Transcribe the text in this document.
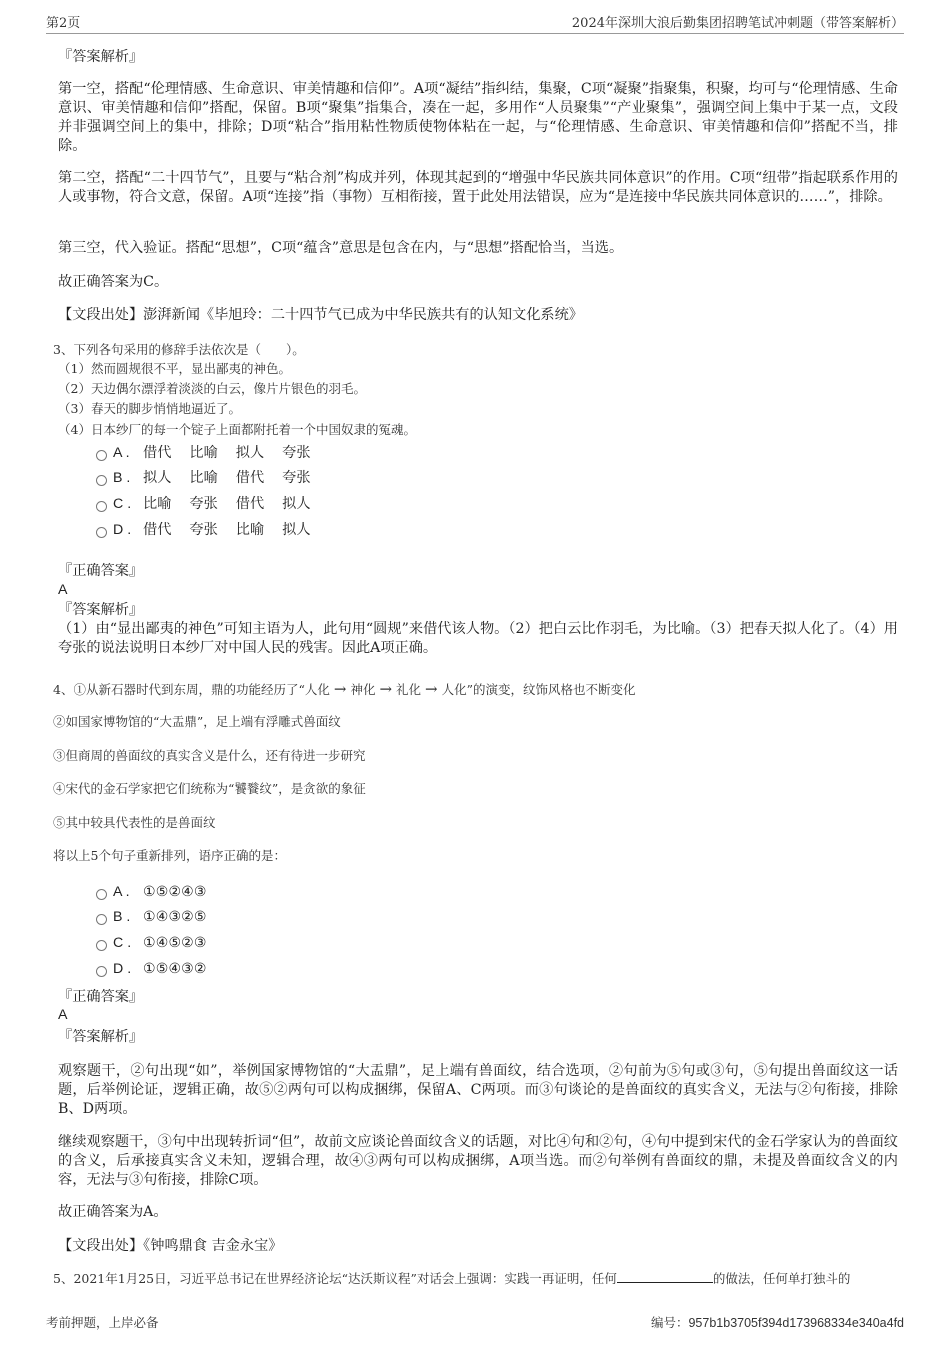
第2页	2024年深圳大浪后勤集团招聘笔试冲刺题（带答案解析）
『答案解析』
第一空，搭配“伦理情感、生命意识、审美情趣和信仰”。A项“凝结”指纠结，集聚，C项“凝聚”指聚集，积聚，均可与“伦理情感、生命意识、审美情趣和信仰”搭配，保留。B项“聚集”指集合，凑在一起，多用作“人员聚集”“产业聚集”，强调空间上集中于某一点，文段并非强调空间上的集中，排除；D项“粘合”指用粘性物质使物体粘在一起，与“伦理情感、生命意识、审美情趣和信仰”搭配不当，排除。
第二空，搭配“二十四节气”，且要与“粘合剂”构成并列，体现其起到的“增强中华民族共同体意识”的作用。C项“纽带”指起联系作用的人或事物，符合文意，保留。A项“连接”指（事物）互相衔接，置于此处用法错误，应为“是连接中华民族共同体意识的……”，排除。
第三空，代入验证。搭配“思想”，C项“蕴含”意思是包含在内，与“思想”搭配恰当，当选。
故正确答案为C。
【文段出处】澎湃新闻《毕旭玲：二十四节气已成为中华民族共有的认知文化系统》
3、下列各句采用的修辞手法依次是（　　）。
（1）然而圆规很不平，显出鄙夷的神色。
（2）天边偶尔漂浮着淡淡的白云，像片片银色的羽毛。
（3）春天的脚步悄悄地逼近了。
（4）日本纱厂的每一个锭子上面都附托着一个中国奴隶的冤魂。
A . 借代 比喻 拟人 夸张
B . 拟人 比喻 借代 夸张
C . 比喻 夸张 借代 拟人
D . 借代 夸张 比喻 拟人
『正确答案』
A
『答案解析』
（1）由“显出鄙夷的神色”可知主语为人，此句用“圆规”来借代该人物。（2）把白云比作羽毛，为比喻。（3）把春天拟人化了。（4）用夸张的说法说明日本纱厂对中国人民的残害。因此A项正确。
4、①从新石器时代到东周，鼎的功能经历了“人化 → 神化 → 礼化 → 人化”的演变，纹饰风格也不断变化
②如国家博物馆的“大盂鼎”，足上端有浮雕式兽面纹
③但商周的兽面纹的真实含义是什么，还有待进一步研究
④宋代的金石学家把它们统称为“饕餮纹”，是贪欲的象征
⑤其中较具代表性的是兽面纹
将以上5个句子重新排列，语序正确的是：
A . ①⑤②④③
B . ①④③②⑤
C . ①④⑤②③
D . ①⑤④③②
『正确答案』
A
『答案解析』
观察题干，②句出现“如”，举例国家博物馆的“大盂鼎”，足上端有兽面纹，结合选项，②句前为⑤句或③句，⑤句提出兽面纹这一话题，后举例论证，逻辑正确，故⑤②两句可以构成捆绑，保留A、C两项。而③句谈论的是兽面纹的真实含义，无法与②句衔接，排除B、D两项。
继续观察题干，③句中出现转折词“但”，故前文应谈论兽面纹含义的话题，对比④句和②句，④句中提到宋代的金石学家认为的兽面纹的含义，后承接真实含义未知，逻辑合理，故④③两句可以构成捆绑，A项当选。而②句举例有兽面纹的鼎，未提及兽面纹含义的内容，无法与③句衔接，排除C项。
故正确答案为A。
【文段出处】《钟鸣鼎食 吉金永宝》
5、2021年1月25日，习近平总书记在世界经济论坛“达沃斯议程”对话会上强调：实践一再证明，任何	的做法，任何单打独斗的
考前押题，上岸必备	编号：957b1b3705f394d173968334e340a4fd
